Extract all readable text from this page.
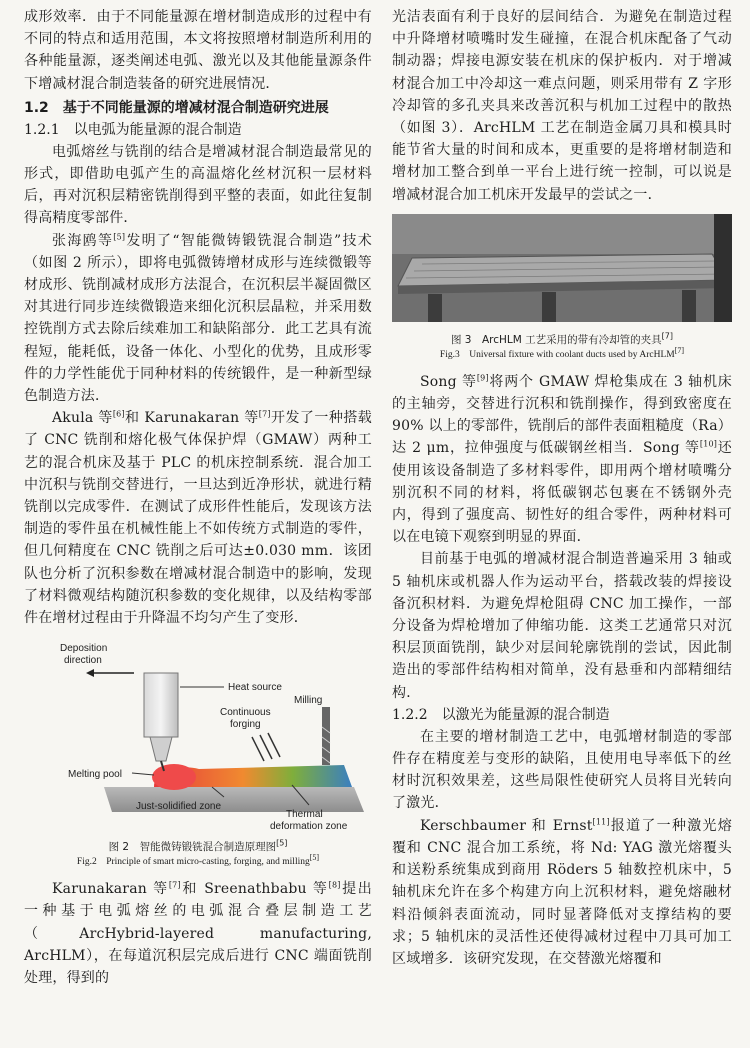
成形效率．由于不同能量源在增材制造成形的过程中有不同的特点和适用范围，本文将按照增材制造所利用的各种能量源，逐类阐述电弧、激光以及其他能量源条件下增减材混合制造装备的研究进展情况．

1.2　基于不同能量源的增减材混合制造研究进展
1.2.1　以电弧为能量源的混合制造

电弧熔丝与铣削的结合是增减材混合制造最常见的形式，即借助电弧产生的高温熔化丝材沉积一层材料后，再对沉积层精密铣削得到平整的表面，如此往复制得高精度零部件．

张海鸥等[5]发明了“智能微铸锻铣混合制造”技术（如图 2 所示），即将电弧微铸增材成形与连续微锻等材成形、铣削减材成形方法混合，在沉积层半凝固微区对其进行同步连续微锻造来细化沉积层晶粒，并采用数控铣削方式去除后续难加工和缺陷部分．此工艺具有流程短，能耗低，设备一体化、小型化的优势，且成形零件的力学性能优于同种材料的传统锻件，是一种新型绿色制造方法．

Akula 等[6]和 Karunakaran 等[7]开发了一种搭载了 CNC 铣削和熔化极气体保护焊（GMAW）两种工艺的混合机床及基于 PLC 的机床控制系统．混合加工中沉积与铣削交替进行，一旦达到近净形状，就进行精铣削以完成零件．在测试了成形件性能后，发现该方法制造的零件虽在机械性能上不如传统方式制造的零件，但几何精度在 CNC 铣削之后可达±0.030 mm．该团队也分析了沉积参数在增减材混合制造中的影响，发现了材料微观结构随沉积参数的变化规律，以及结构零部件在增材过程由于升降温不均匀产生了变形．

Deposition
direction
Heat source
Continuous
forging
Milling
Melting pool
Just-solidified zone
Thermal
deformation zone
图 2　智能微铸锻铣混合制造原理图[5]
Fig.2　Principle of smart micro-casting, forging, and milling[5]

Karunakaran 等[7]和 Sreenathbabu 等[8]提出一种基于电弧熔丝的电弧混合叠层制造工艺（ArcHybrid-layered manufacturing, ArcHLM），在每道沉积层完成后进行 CNC 端面铣削处理，得到的

光洁表面有利于良好的层间结合．为避免在制造过程中升降增材喷嘴时发生碰撞，在混合机床配备了气动制动器；焊接电源安装在机床的保护板内．对于增减材混合加工中冷却这一难点问题，则采用带有 Z 字形冷却管的多孔夹具来改善沉积与机加工过程中的散热（如图 3）．ArcHLM 工艺在制造金属刀具和模具时能节省大量的时间和成本，更重要的是将增材制造和增材加工整合到单一平台上进行统一控制，可以说是增减材混合加工机床开发最早的尝试之一．

图 3　ArcHLM 工艺采用的带有冷却管的夹具[7]
Fig.3　Universal fixture with coolant ducts used by ArcHLM[7]

Song 等[9]将两个 GMAW 焊枪集成在 3 轴机床的主轴旁，交替进行沉积和铣削操作，得到致密度在 90% 以上的零部件，铣削后的部件表面粗糙度（Ra）达 2 μm，拉伸强度与低碳钢丝相当．Song 等[10]还使用该设备制造了多材料零件，即用两个增材喷嘴分别沉积不同的材料，将低碳钢芯包裹在不锈钢外壳内，得到了强度高、韧性好的组合零件，两种材料可以在电镜下观察到明显的界面．

目前基于电弧的增减材混合制造普遍采用 3 轴或 5 轴机床或机器人作为运动平台，搭载改装的焊接设备沉积材料．为避免焊枪阻碍 CNC 加工操作，一部分设备为焊枪增加了伸缩功能．这类工艺通常只对沉积层顶面铣削，缺少对层间轮廓铣削的尝试，因此制造出的零部件结构相对简单，没有悬垂和内部精细结构．

1.2.2　以激光为能量源的混合制造

在主要的增材制造工艺中，电弧增材制造的零部件存在精度差与变形的缺陷，且使用电导率低下的丝材时沉积效果差，这些局限性使研究人员将目光转向了激光．

Kerschbaumer 和 Ernst[11]报道了一种激光熔覆和 CNC 混合加工系统，将 Nd: YAG 激光熔覆头和送粉系统集成到商用 Röders 5 轴数控机床中，5 轴机床允许在多个构建方向上沉积材料，避免熔融材料沿倾斜表面流动，同时显著降低对支撑结构的要求；5 轴机床的灵活性还使得减材过程中刀具可加工区域增多．该研究发现，在交替激光熔覆和
